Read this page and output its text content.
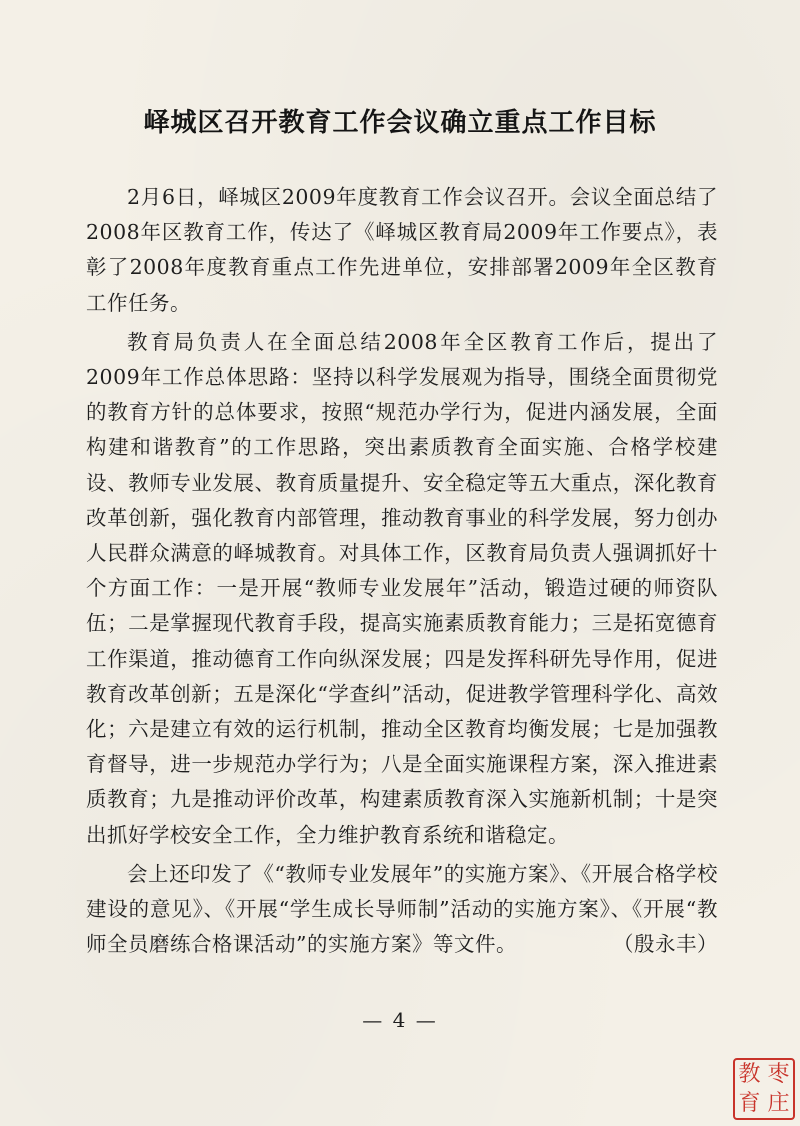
峄城区召开教育工作会议确立重点工作目标

2月6日，峄城区2009年度教育工作会议召开。会议全面总结了2008年区教育工作，传达了《峄城区教育局2009年工作要点》，表彰了2008年度教育重点工作先进单位，安排部署2009年全区教育工作任务。

教育局负责人在全面总结2008年全区教育工作后，提出了2009年工作总体思路：坚持以科学发展观为指导，围绕全面贯彻党的教育方针的总体要求，按照“规范办学行为，促进内涵发展，全面构建和谐教育”的工作思路，突出素质教育全面实施、合格学校建设、教师专业发展、教育质量提升、安全稳定等五大重点，深化教育改革创新，强化教育内部管理，推动教育事业的科学发展，努力创办人民群众满意的峄城教育。对具体工作，区教育局负责人强调抓好十个方面工作：一是开展“教师专业发展年”活动，锻造过硬的师资队伍；二是掌握现代教育手段，提高实施素质教育能力；三是拓宽德育工作渠道，推动德育工作向纵深发展；四是发挥科研先导作用，促进教育改革创新；五是深化“学查纠”活动，促进教学管理科学化、高效化；六是建立有效的运行机制，推动全区教育均衡发展；七是加强教育督导，进一步规范办学行为；八是全面实施课程方案，深入推进素质教育；九是推动评价改革，构建素质教育深入实施新机制；十是突出抓好学校安全工作，全力维护教育系统和谐稳定。

会上还印发了《“教师专业发展年”的实施方案》、《开展合格学校建设的意见》、《开展“学生成长导师制”活动的实施方案》、《开展“教师全员磨练合格课活动”的实施方案》等文件。	（殷永丰）

— 4 —
教 枣
育 庄
